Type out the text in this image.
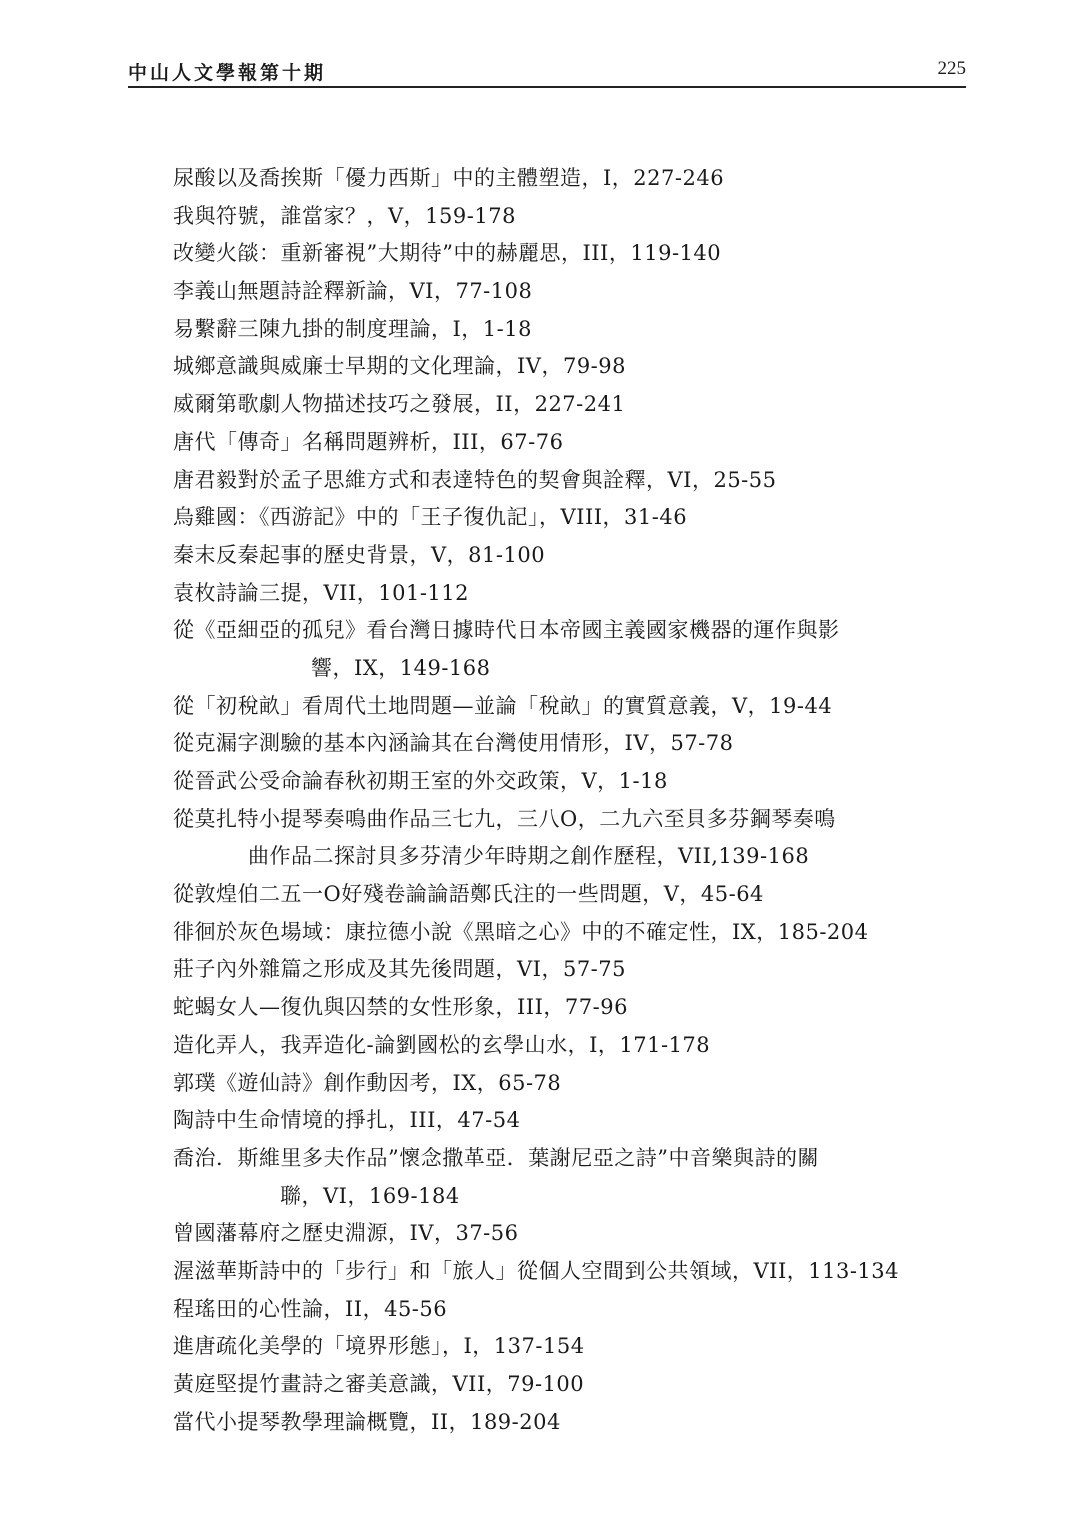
中山人文學報第十期	225
尿酸以及喬挨斯「優力西斯」中的主體塑造，I，227-246
我與符號，誰當家？，V，159-178
改變火燄：重新審視”大期待”中的赫麗思，III，119-140
李義山無題詩詮釋新論，VI，77-108
易繫辭三陳九掛的制度理論，I，1-18
城鄉意識與威廉士早期的文化理論，IV，79-98
威爾第歌劇人物描述技巧之發展，II，227-241
唐代「傳奇」名稱問題辨析，III，67-76
唐君毅對於孟子思維方式和表達特色的契會與詮釋，VI，25-55
烏雞國：《西游記》中的「王子復仇記」，VIII，31-46
秦末反秦起事的歷史背景，V，81-100
袁枚詩論三提，VII，101-112
從《亞細亞的孤兒》看台灣日據時代日本帝國主義國家機器的運作與影
響，IX，149-168
從「初稅畝」看周代土地問題—並論「稅畝」的實質意義，V，19-44
從克漏字測驗的基本內涵論其在台灣使用情形，IV，57-78
從晉武公受命論春秋初期王室的外交政策，V，1-18
從莫扎特小提琴奏鳴曲作品三七九，三八O，二九六至貝多芬鋼琴奏鳴
曲作品二探討貝多芬清少年時期之創作歷程，VII,139-168
從敦煌伯二五一O好殘卷論論語鄭氏注的一些問題，V，45-64
徘徊於灰色場域：康拉德小說《黑暗之心》中的不確定性，IX，185-204
莊子內外雜篇之形成及其先後問題，VI，57-75
蛇蝎女人—復仇與囚禁的女性形象，III，77-96
造化弄人，我弄造化-論劉國松的玄學山水，I，171-178
郭璞《遊仙詩》創作動因考，IX，65-78
陶詩中生命情境的掙扎，III，47-54
喬治．斯維里多夫作品”懷念撒革亞．葉謝尼亞之詩”中音樂與詩的關
聯，VI，169-184
曾國藩幕府之歷史淵源，IV，37-56
渥滋華斯詩中的「步行」和「旅人」從個人空間到公共領域，VII，113-134
程瑤田的心性論，II，45-56
進唐疏化美學的「境界形態」，I，137-154
黃庭堅提竹畫詩之審美意識，VII，79-100
當代小提琴教學理論概覽，II，189-204
